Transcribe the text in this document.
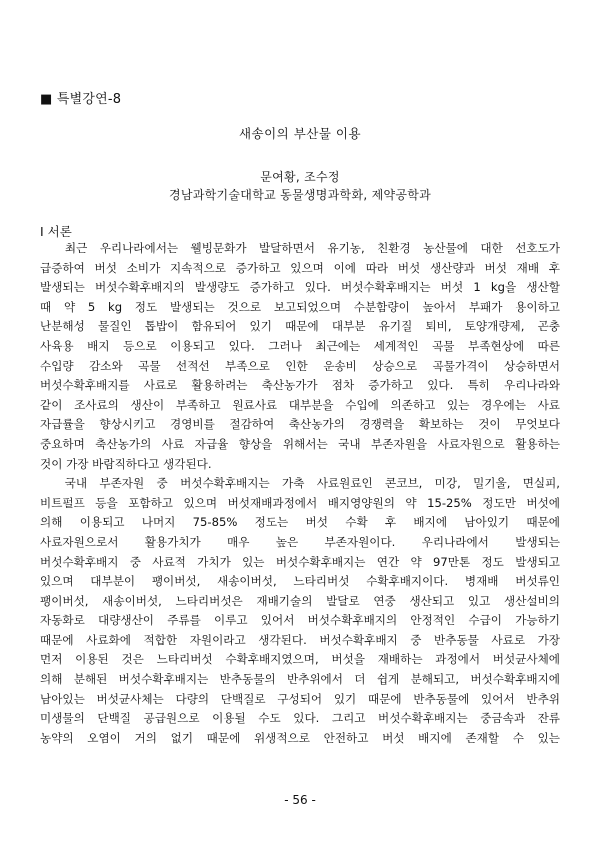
■ 특별강연-8
새송이의 부산물 이용
문여황, 조수정
경남과학기술대학교 동물생명과학화, 제약공학과
Ⅰ 서론
최근 우리나라에서는 웰빙문화가 발달하면서 유기농, 친환경 농산물에 대한 선호도가
급증하여 버섯 소비가 지속적으로 증가하고 있으며 이에 따라 버섯 생산량과 버섯 재배 후
발생되는 버섯수확후배지의 발생량도 증가하고 있다. 버섯수확후배지는 버섯 1 kg을 생산할
때 약 5 kg 정도 발생되는 것으로 보고되었으며 수분함량이 높아서 부패가 용이하고
난분해성 물질인 톱밥이 함유되어 있기 때문에 대부분 유기질 퇴비, 토양개량제, 곤충
사육용 배지 등으로 이용되고 있다. 그러나 최근에는 세계적인 곡물 부족현상에 따른
수입량 감소와 곡물 선적선 부족으로 인한 운송비 상승으로 곡물가격이 상승하면서
버섯수확후배지를 사료로 활용하려는 축산농가가 점차 증가하고 있다. 특히 우리나라와
같이 조사료의 생산이 부족하고 원료사료 대부분을 수입에 의존하고 있는 경우에는 사료
자급률을 향상시키고 경영비를 절감하여 축산농가의 경쟁력을 확보하는 것이 무엇보다
중요하며 축산농가의 사료 자급율 향상을 위해서는 국내 부존자원을 사료자원으로 활용하는
것이 가장 바람직하다고 생각된다.
국내 부존자원 중 버섯수확후배지는 가축 사료원료인 콘코브, 미강, 밀기울, 면실피,
비트펄프 등을 포함하고 있으며 버섯재배과정에서 배지영양원의 약 15-25% 정도만 버섯에
의해 이용되고 나머지 75-85% 정도는 버섯 수확 후 배지에 남아있기 때문에
사료자원으로서 활용가치가 매우 높은 부존자원이다. 우리나라에서 발생되는
버섯수확후배지 중 사료적 가치가 있는 버섯수확후배지는 연간 약 97만톤 정도 발생되고
있으며 대부분이 팽이버섯, 새송이버섯, 느타리버섯 수확후배지이다. 병재배 버섯류인
팽이버섯, 새송이버섯, 느타리버섯은 재배기술의 발달로 연중 생산되고 있고 생산설비의
자동화로 대량생산이 주류를 이루고 있어서 버섯수확후배지의 안정적인 수급이 가능하기
때문에 사료화에 적합한 자원이라고 생각된다. 버섯수확후배지 중 반추동물 사료로 가장
먼저 이용된 것은 느타리버섯 수확후배지였으며, 버섯을 재배하는 과정에서 버섯균사체에
의해 분해된 버섯수확후배지는 반추동물의 반추위에서 더 쉽게 분해되고, 버섯수확후배지에
남아있는 버섯균사체는 다량의 단백질로 구성되어 있기 때문에 반추동물에 있어서 반추위
미생물의 단백질 공급원으로 이용될 수도 있다. 그리고 버섯수확후배지는 중금속과 잔류
농약의 오염이 거의 없기 때문에 위생적으로 안전하고 버섯 배지에 존재할 수 있는
- 56 -
